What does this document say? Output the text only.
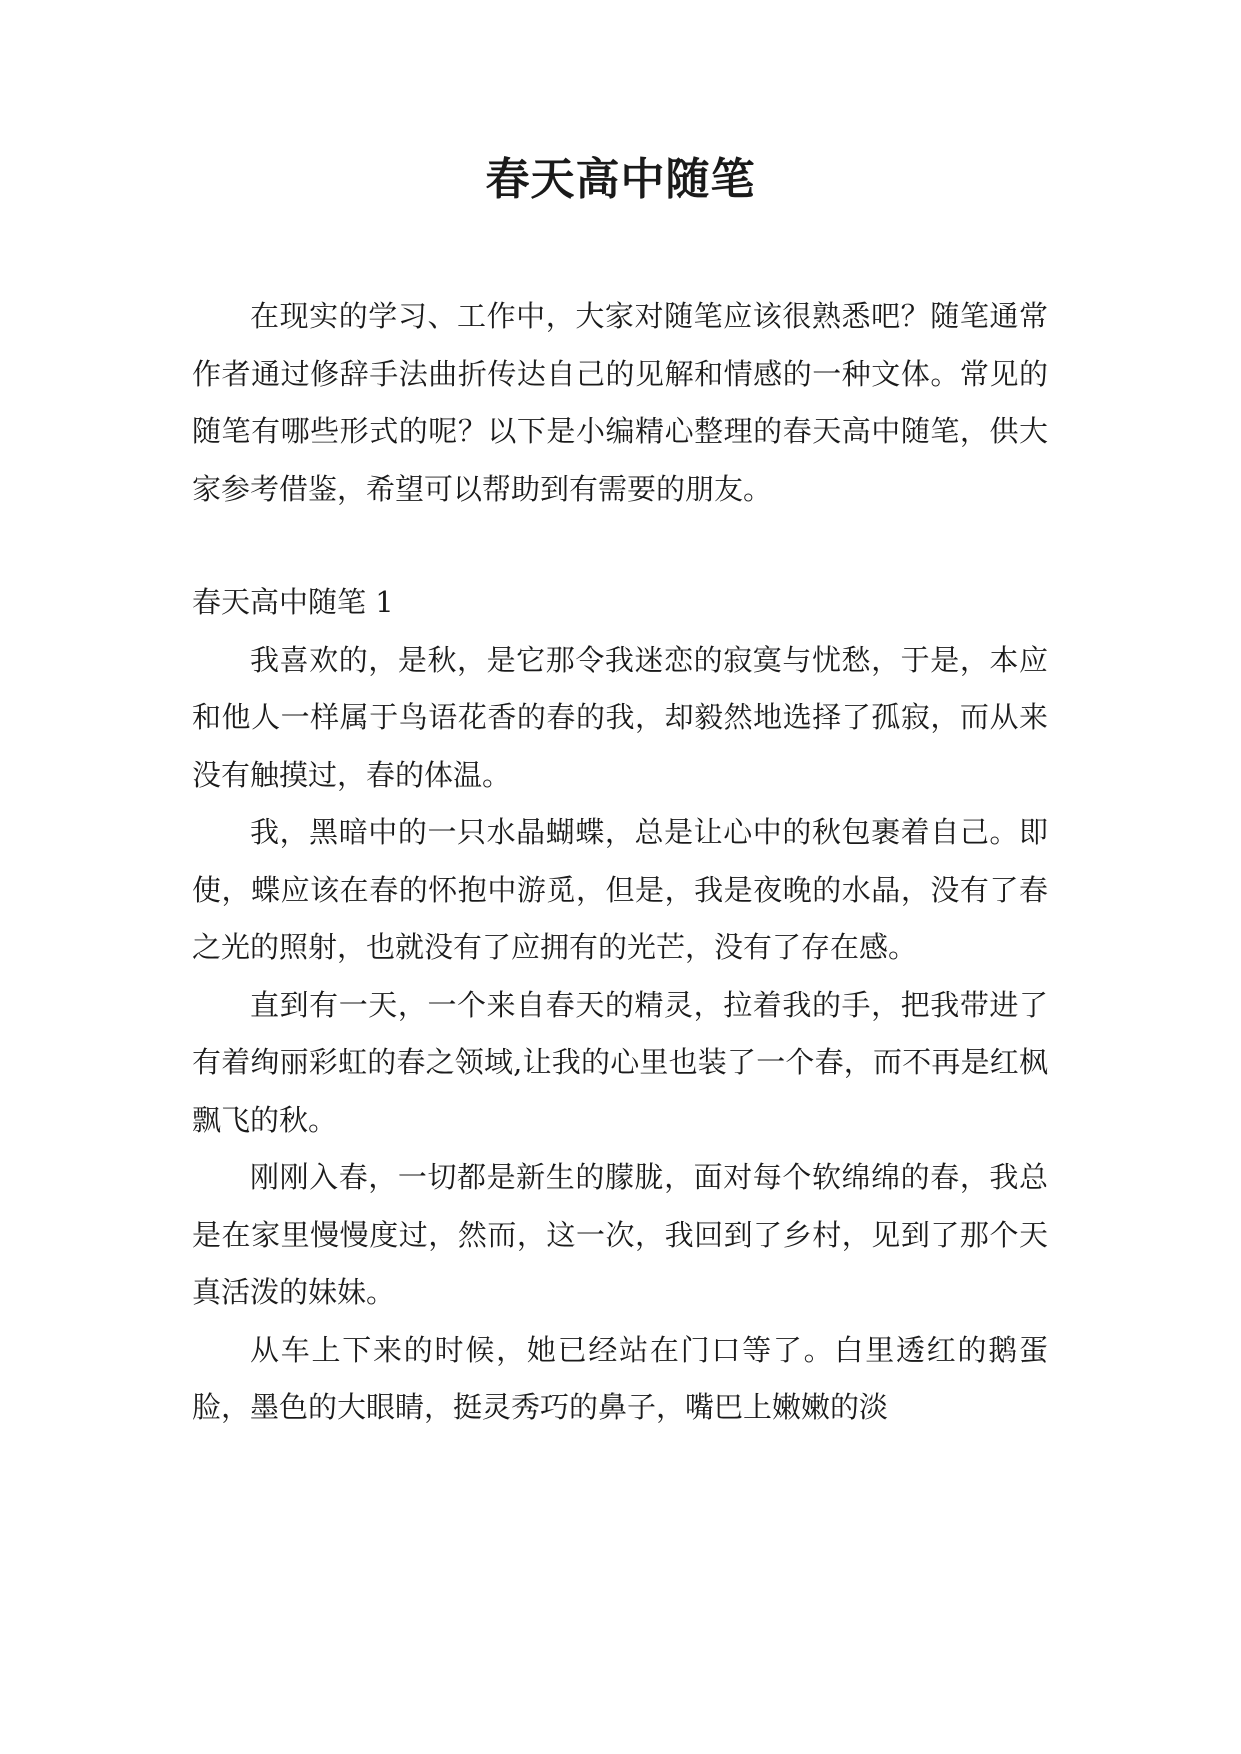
春天高中随笔

在现实的学习、工作中，大家对随笔应该很熟悉吧？随笔通常作者通过修辞手法曲折传达自己的见解和情感的一种文体。常见的随笔有哪些形式的呢？以下是小编精心整理的春天高中随笔，供大家参考借鉴，希望可以帮助到有需要的朋友。

春天高中随笔 1

我喜欢的，是秋，是它那令我迷恋的寂寞与忧愁，于是，本应和他人一样属于鸟语花香的春的我，却毅然地选择了孤寂，而从来没有触摸过，春的体温。

我，黑暗中的一只水晶蝴蝶，总是让心中的秋包裹着自己。即使，蝶应该在春的怀抱中游觅，但是，我是夜晚的水晶，没有了春之光的照射，也就没有了应拥有的光芒，没有了存在感。

直到有一天，一个来自春天的精灵，拉着我的手，把我带进了有着绚丽彩虹的春之领域,让我的心里也装了一个春，而不再是红枫飘飞的秋。

刚刚入春，一切都是新生的朦胧，面对每个软绵绵的春，我总是在家里慢慢度过，然而，这一次，我回到了乡村，见到了那个天真活泼的妹妹。

从车上下来的时候，她已经站在门口等了。白里透红的鹅蛋脸，墨色的大眼睛，挺灵秀巧的鼻子，嘴巴上嫩嫩的淡
